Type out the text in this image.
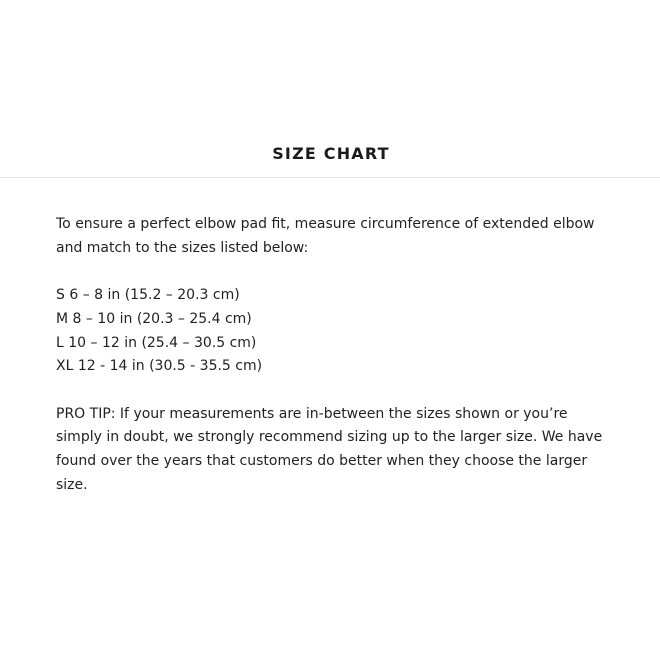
SIZE CHART

To ensure a perfect elbow pad fit, measure circumference of extended elbow
and match to the sizes listed below:

S 6 – 8 in (15.2 – 20.3 cm)
M 8 – 10 in (20.3 – 25.4 cm)
L 10 – 12 in (25.4 – 30.5 cm)
XL 12 - 14 in (30.5 - 35.5 cm)

PRO TIP: If your measurements are in-between the sizes shown or you’re
simply in doubt, we strongly recommend sizing up to the larger size. We have
found over the years that customers do better when they choose the larger
size.
